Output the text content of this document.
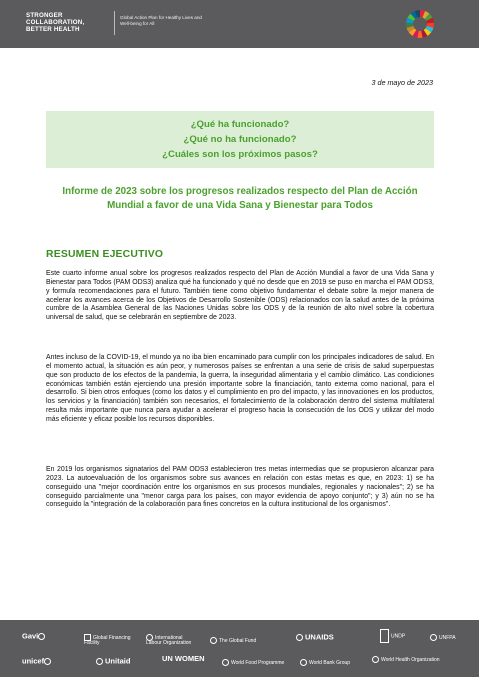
STRONGER
COLLABORATION,
BETTER HEALTH
Global Action Plan for Healthy Lives and Well-being for All
3 de mayo de 2023
¿Qué ha funcionado?
¿Qué no ha funcionado?
¿Cuáles son los próximos pasos?
Informe de 2023 sobre los progresos realizados respecto del Plan de Acción Mundial a favor de una Vida Sana y Bienestar para Todos
RESUMEN EJECUTIVO

Este cuarto informe anual sobre los progresos realizados respecto del Plan de Acción Mundial a favor de una Vida Sana y Bienestar para Todos (PAM ODS3) analiza qué ha funcionado y qué no desde que en 2019 se puso en marcha el PAM ODS3, y formula recomendaciones para el futuro. También tiene como objetivo fundamentar el debate sobre la mejor manera de acelerar los avances acerca de los Objetivos de Desarrollo Sostenible (ODS) relacionados con la salud antes de la próxima cumbre de la Asamblea General de las Naciones Unidas sobre los ODS y de la reunión de alto nivel sobre la cobertura universal de salud, que se celebrarán en septiembre de 2023.

Antes incluso de la COVID-19, el mundo ya no iba bien encaminado para cumplir con los principales indicadores de salud. En el momento actual, la situación es aún peor, y numerosos países se enfrentan a una serie de crisis de salud superpuestas que son producto de los efectos de la pandemia, la guerra, la inseguridad alimentaria y el cambio climático. Las condiciones económicas también están ejerciendo una presión importante sobre la financiación, tanto externa como nacional, para el desarrollo. Si bien otros enfoques (como los datos y el cumplimiento en pro del impacto, y las innovaciones en los productos, los servicios y la financiación) también son necesarios, el fortalecimiento de la colaboración dentro del sistema multilateral resulta más importante que nunca para ayudar a acelerar el progreso hacia la consecución de los ODS y utilizar del modo más eficiente y eficaz posible los recursos disponibles.

En 2019 los organismos signatarios del PAM ODS3 establecieron tres metas intermedias que se propusieron alcanzar para 2023. La autoevaluación de los organismos sobre sus avances en relación con estas metas es que, en 2023: 1) se ha conseguido una "mejor coordinación entre los organismos en sus procesos mundiales, regionales y nacionales"; 2) se ha conseguido parcialmente una "menor carga para los países, con mayor evidencia de apoyo conjunto"; y 3) aún no se ha conseguido la "integración de la colaboración para fines concretos en la cultura institucional de los organismos".

Gavi	Global Financing Facility
International Labour Organization	The Global Fund	UNAIDS	UNDP	UNFPA
unicef	Unitaid	UN WOMEN	World Food Programme	World Bank Group	World Health Organization
